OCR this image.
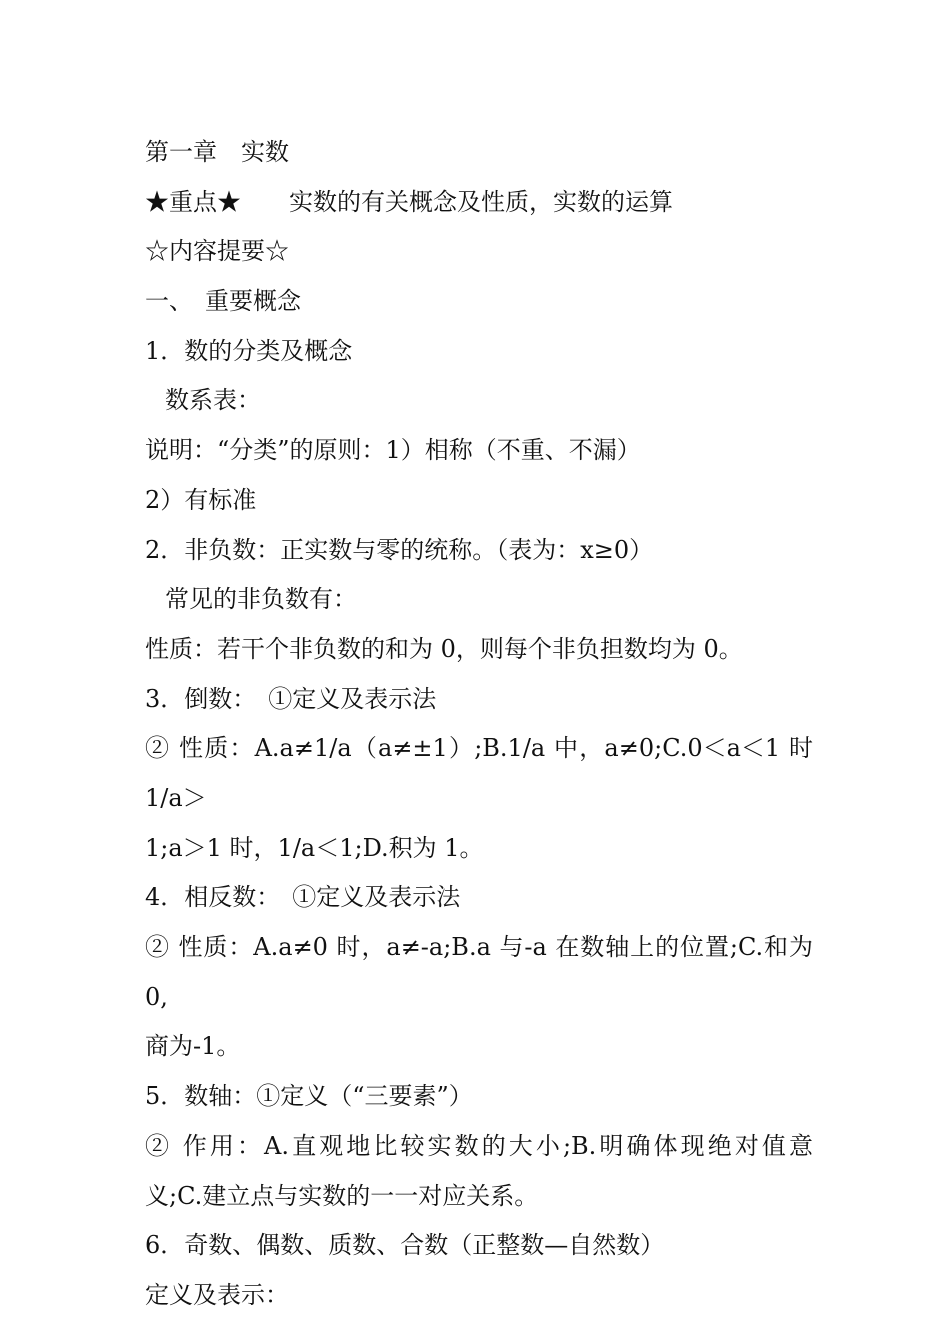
第一章　实数
★重点★　　实数的有关概念及性质，实数的运算
☆内容提要☆
一、　重要概念
1．数的分类及概念
数系表：
说明：“分类”的原则：1）相称（不重、不漏）
2）有标准
2．非负数：正实数与零的统称。（表为：x≥0）
常见的非负数有：
性质：若干个非负数的和为 0，则每个非负担数均为 0。
3．倒数：　①定义及表示法
② 性质：A.a≠1/a（a≠±1）;B.1/a 中，a≠0;C.0＜a＜1 时 1/a＞
1;a＞1 时，1/a＜1;D.积为 1。
4．相反数：　①定义及表示法
② 性质：A.a≠0 时，a≠-a;B.a 与-a 在数轴上的位置;C.和为 0,
商为-1。
5．数轴：①定义（“三要素”）
② 作用：A.直观地比较实数的大小;B.明确体现绝对值意
义;C.建立点与实数的一一对应关系。
6．奇数、偶数、质数、合数（正整数—自然数）
定义及表示：
